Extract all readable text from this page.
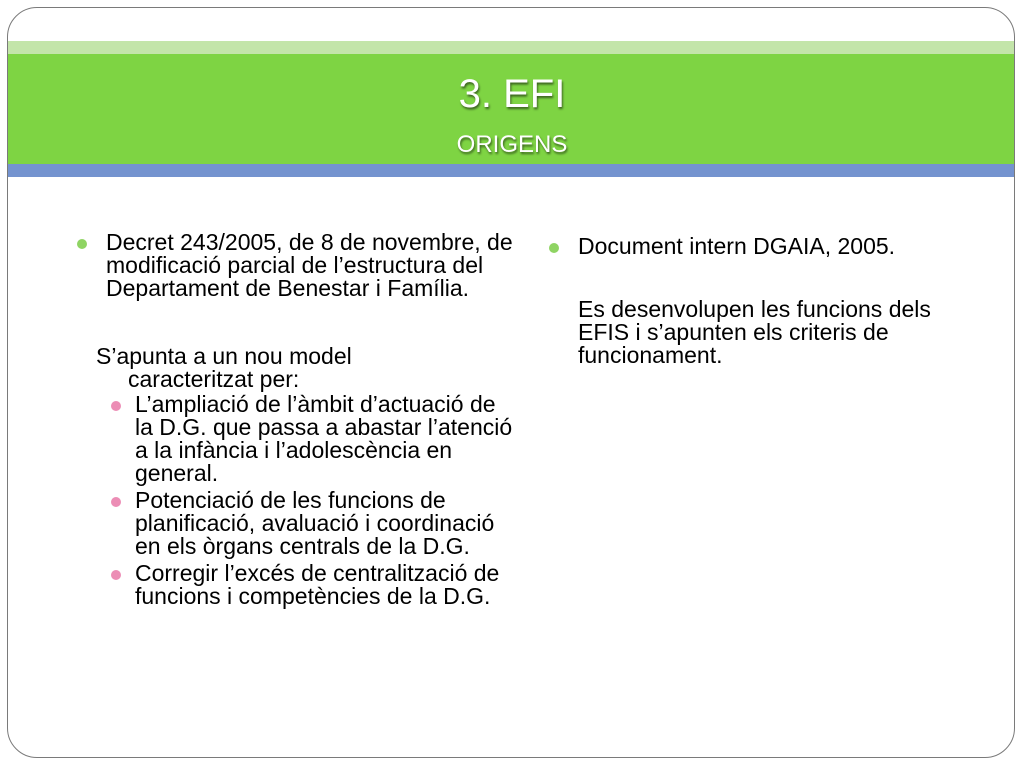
3. EFI
ORIGENS
Decret 243/2005, de 8 de novembre, de modificació parcial de l’estructura del Departament de Benestar i Família.
S’apunta a un nou model
caracteritzat per:
L’ampliació de l’àmbit d’actuació de la D.G. que passa a abastar l’atenció a la infància i l’adolescència en general.
Potenciació de les funcions de planificació, avaluació i coordinació en els òrgans centrals de la D.G.
Corregir l’excés de centralització de funcions i competències de la D.G.
Document intern DGAIA, 2005.
Es desenvolupen les funcions dels EFIS i s’apunten els criteris de funcionament.
